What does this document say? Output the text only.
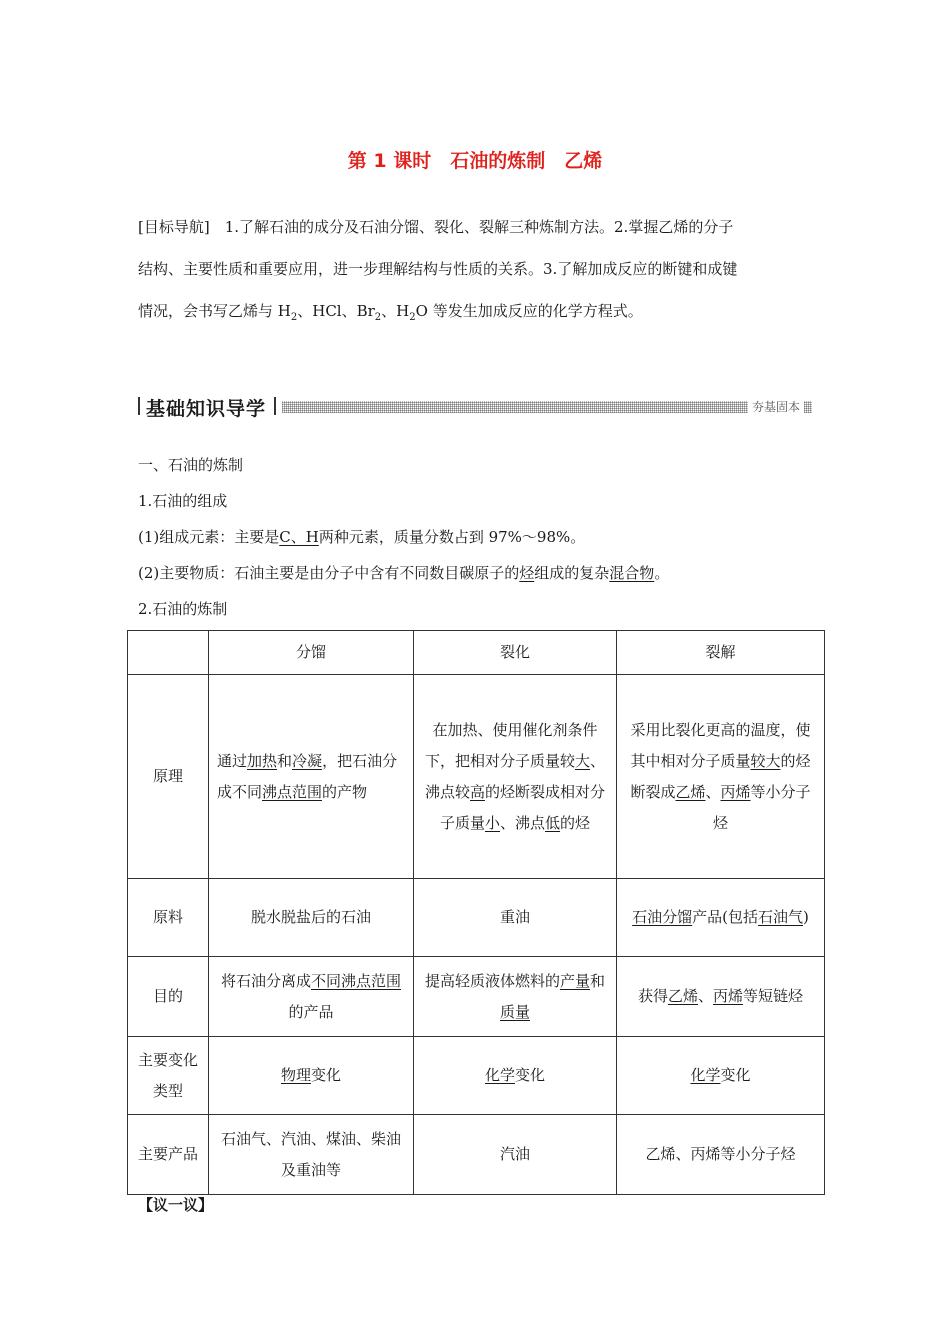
第 1 课时　石油的炼制　乙烯

[目标导航]　1.了解石油的成分及石油分馏、裂化、裂解三种炼制方法。2.掌握乙烯的分子

结构、主要性质和重要应用，进一步理解结构与性质的关系。3.了解加成反应的断键和成键

情况，会书写乙烯与 $H_2$、HCl、$Br_2$、$H_2O$ 等发生加成反应的化学方程式。

基础知识导学	夯基固本
一、石油的炼制
1.石油的组成
(1)组成元素：主要是C、H两种元素，质量分数占到 97%～98%。
(2)主要物质：石油主要是由分子中含有不同数目碳原子的烃组成的复杂混合物。
2.石油的炼制
	分馏	裂化	裂解
原理	通过加热和冷凝，把石油分成不同沸点范围的产物	在加热、使用催化剂条件下，把相对分子质量较大、沸点较高的烃断裂成相对分子质量小、沸点低的烃	采用比裂化更高的温度，使其中相对分子质量较大的烃断裂成乙烯、丙烯等小分子烃
原料	脱水脱盐后的石油	重油	石油分馏产品(包括石油气)
目的	将石油分离成不同沸点范围的产品	提高轻质液体燃料的产量和质量	获得乙烯、丙烯等短链烃
主要变化类型	物理变化	化学变化	化学变化
主要产品	石油气、汽油、煤油、柴油及重油等	汽油	乙烯、丙烯等小分子烃
【议一议】
